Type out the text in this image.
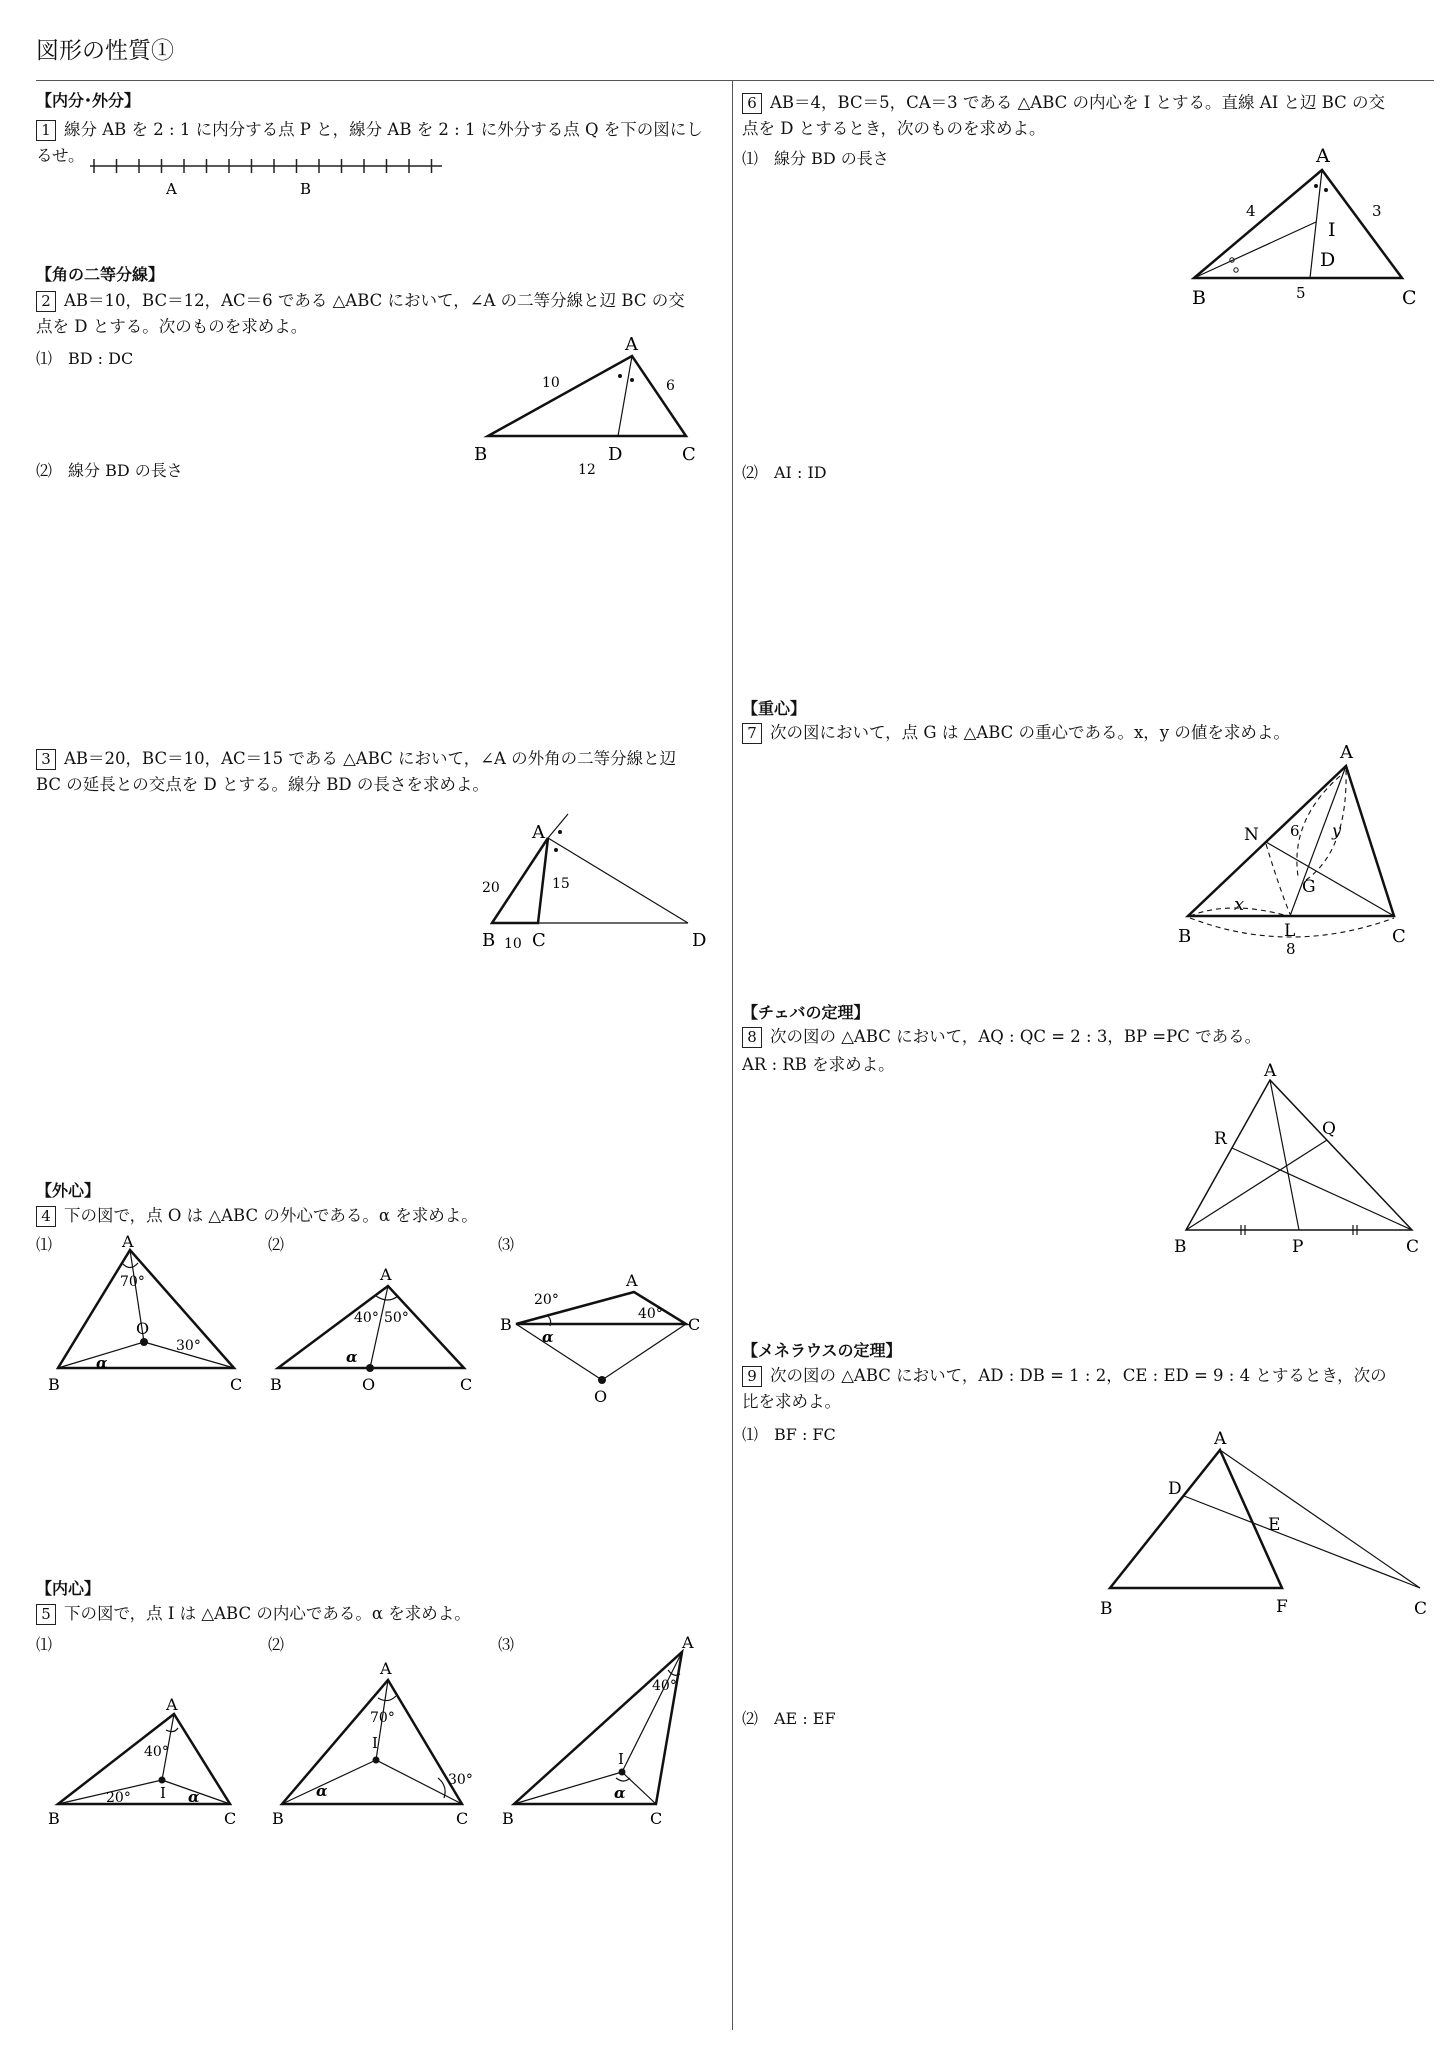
図形の性質①
【内分･外分】
1 線分 AB を 2 : 1 に内分する点 P と，線分 AB を 2 : 1 に外分する点 Q を下の図にし
るせ。
A	B
【角の二等分線】
2 AB＝10，BC＝12，AC＝6 である △ABC において，∠A の二等分線と辺 BC の交
点を D とする。次のものを求めよ。
⑴　BD : DC
⑵　線分 BD の長さ
A
B	C
D
10	6
12
3 AB＝20，BC＝10，AC＝15 である △ABC において，∠A の外角の二等分線と辺
BC の延長との交点を D とする。線分 BD の長さを求めよ。
A
B C	D
20	15
10
【外心】
4 下の図で，点 O は △ABC の外心である。α を求めよ。
⑴	⑵	⑶
A
B	C
O
70°
30°
α
A
B	C
O
40° 50°
α
A
B	C
O
20°
40°
α
【内心】
5 下の図で，点 I は △ABC の内心である。α を求めよ。
⑴	⑵	⑶
A
B	C
I
40°
20°	α
A
B	C
I
70°
30°
α
A
B	C
I
40°
α
6 AB＝4，BC＝5，CA＝3 である △ABC の内心を I とする。直線 AI と辺 BC の交
点を D とするとき，次のものを求めよ。
⑴　線分 BD の長さ
⑵　AI : ID
A
B	C
D
I
4	3
5
【重心】
7 次の図において，点 G は △ABC の重心である。x，y の値を求めよ。
A
B	C
N
G
L
6 y
x
8
【チェバの定理】
8 次の図の △ABC において，AQ : QC = 2 : 3，BP =PC である。
AR : RB を求めよ。	A
B	C
P
Q
R
【メネラウスの定理】
9 次の図の △ABC において，AD : DB = 1 : 2，CE : ED = 9 : 4 とするとき，次の
比を求めよ。
⑴　BF : FC
⑵　AE : EF
A
B	C
D
E
F
